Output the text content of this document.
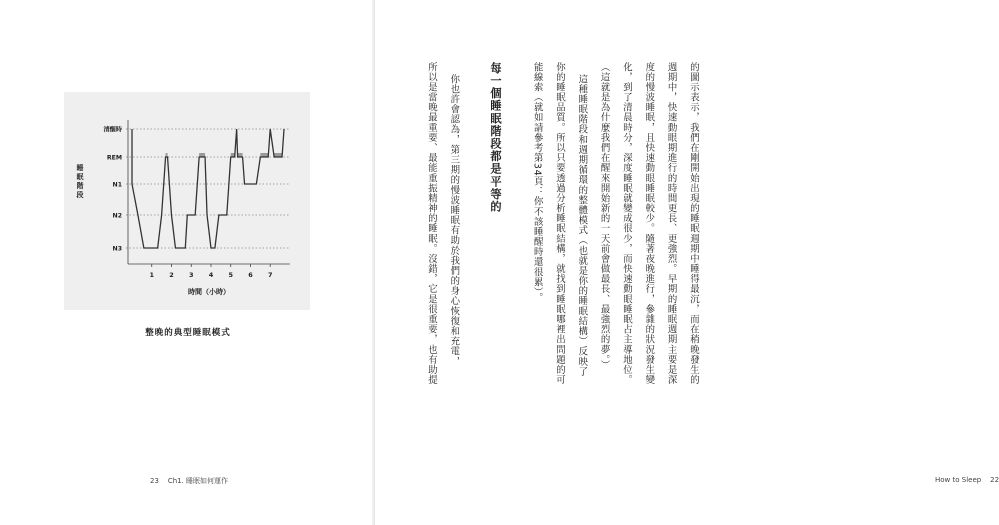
清醒時
REM
N1
N2
N3
1 2 3 4 5 6 7
時間（小時）
睡眠階段
整晚的典型睡眠模式
23 Ch1. 睡眠如何運作	How to Sleep 22
的圖示表示，我們在剛開始出現的睡眠週期中睡得最沉，而在稍晚發生的
週期中，快速動眼期進行的時間更長、更強烈。早期的睡眠週期主要是深
度的慢波睡眠，且快速動眼睡眠較少。隨著夜晚進行，參雜的狀況發生變
化，到了清晨時分，深度睡眠就變成很少，而快速動眼睡眠占主導地位。
（這就是為什麼我們在醒來開始新的一天前會做最長、最強烈的夢。）
這種睡眠階段和週期循環的整體模式（也就是你的睡眠結構）反映了
你的睡眠品質。所以只要透過分析睡眠結構，就找到睡眠哪裡出問題的可
能線索（就如請參考第34頁：你不該睡醒時還很累）。
每一個睡眠階段都是平等的
你也許會認為，第三期的慢波睡眠有助於我們的身心恢復和充電，
所以是當晚最重要、最能重振精神的睡眠。沒錯，它是很重要，也有助提
